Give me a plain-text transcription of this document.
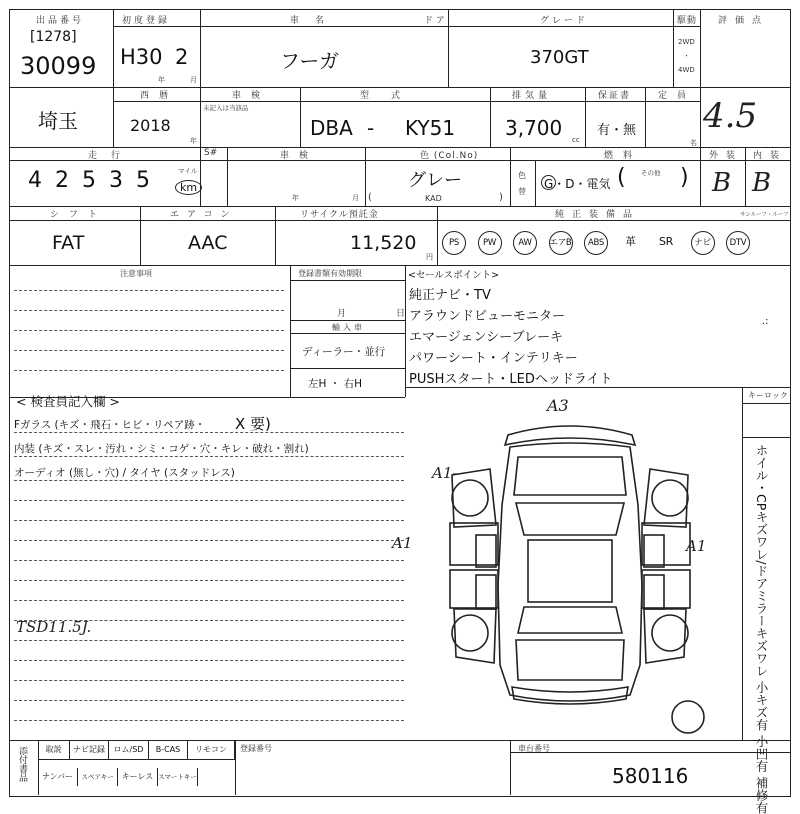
出品番号
[1278]
30099
初度登録
H30 2
年	月
車名
フーガ
ドア	グレード
370GT
駆動
2WD
・
4WD
評価点
4.5
埼玉
西暦
2018
年
車検
未記入は当該品
型式
DBA - KY51
排気量
3,700 cc
保証書
有・無
定員
名
走行
4 2 5 3 5	マイル
km
S#	車検
年	月
色 (Col.No)
グレー
KAD
(	)
色
替
燃料
G・D・電気 ( その他 )
外装
B
内装
B
シフト
FAT
エアコン
AAC
リサイクル預託金
11,520
円
純正装備品	サンルーフ・ルーフ
PS	PW	AW	エアB	ABS	革	SR	ナビ	DTV
注意事項	登録書類有効期限
月	日
輸入車
ディーラー・並行
左H ・ 右H
<セールスポイント>
純正ナビ・TV
アラウンドビューモニター
エマージェンシーブレーキ
パワーシート・インテリキー
PUSHスタート・LEDヘッドライト
.:
< 検査員記入欄 >
Fガラス (キズ・飛石・ヒビ・リペア跡・ X 要)
内装 (キズ・スレ・汚れ・シミ・コゲ・穴・キレ・破れ・割れ)
オーディオ (無し・穴) / タイヤ (スタッドレス)
TSD11.5J.
キーロック
ホイル・CPキズワレ/ドアミラーキズワレ 小キズ有 小凹有 補修有
A3
A1-
A1	A1
取説	ナビ記録	ロム/SD	B-CAS	リモコン
ナンバー	スペアキー	キーレス スマートキー
添付書品	登録番号	車台番号
580116
